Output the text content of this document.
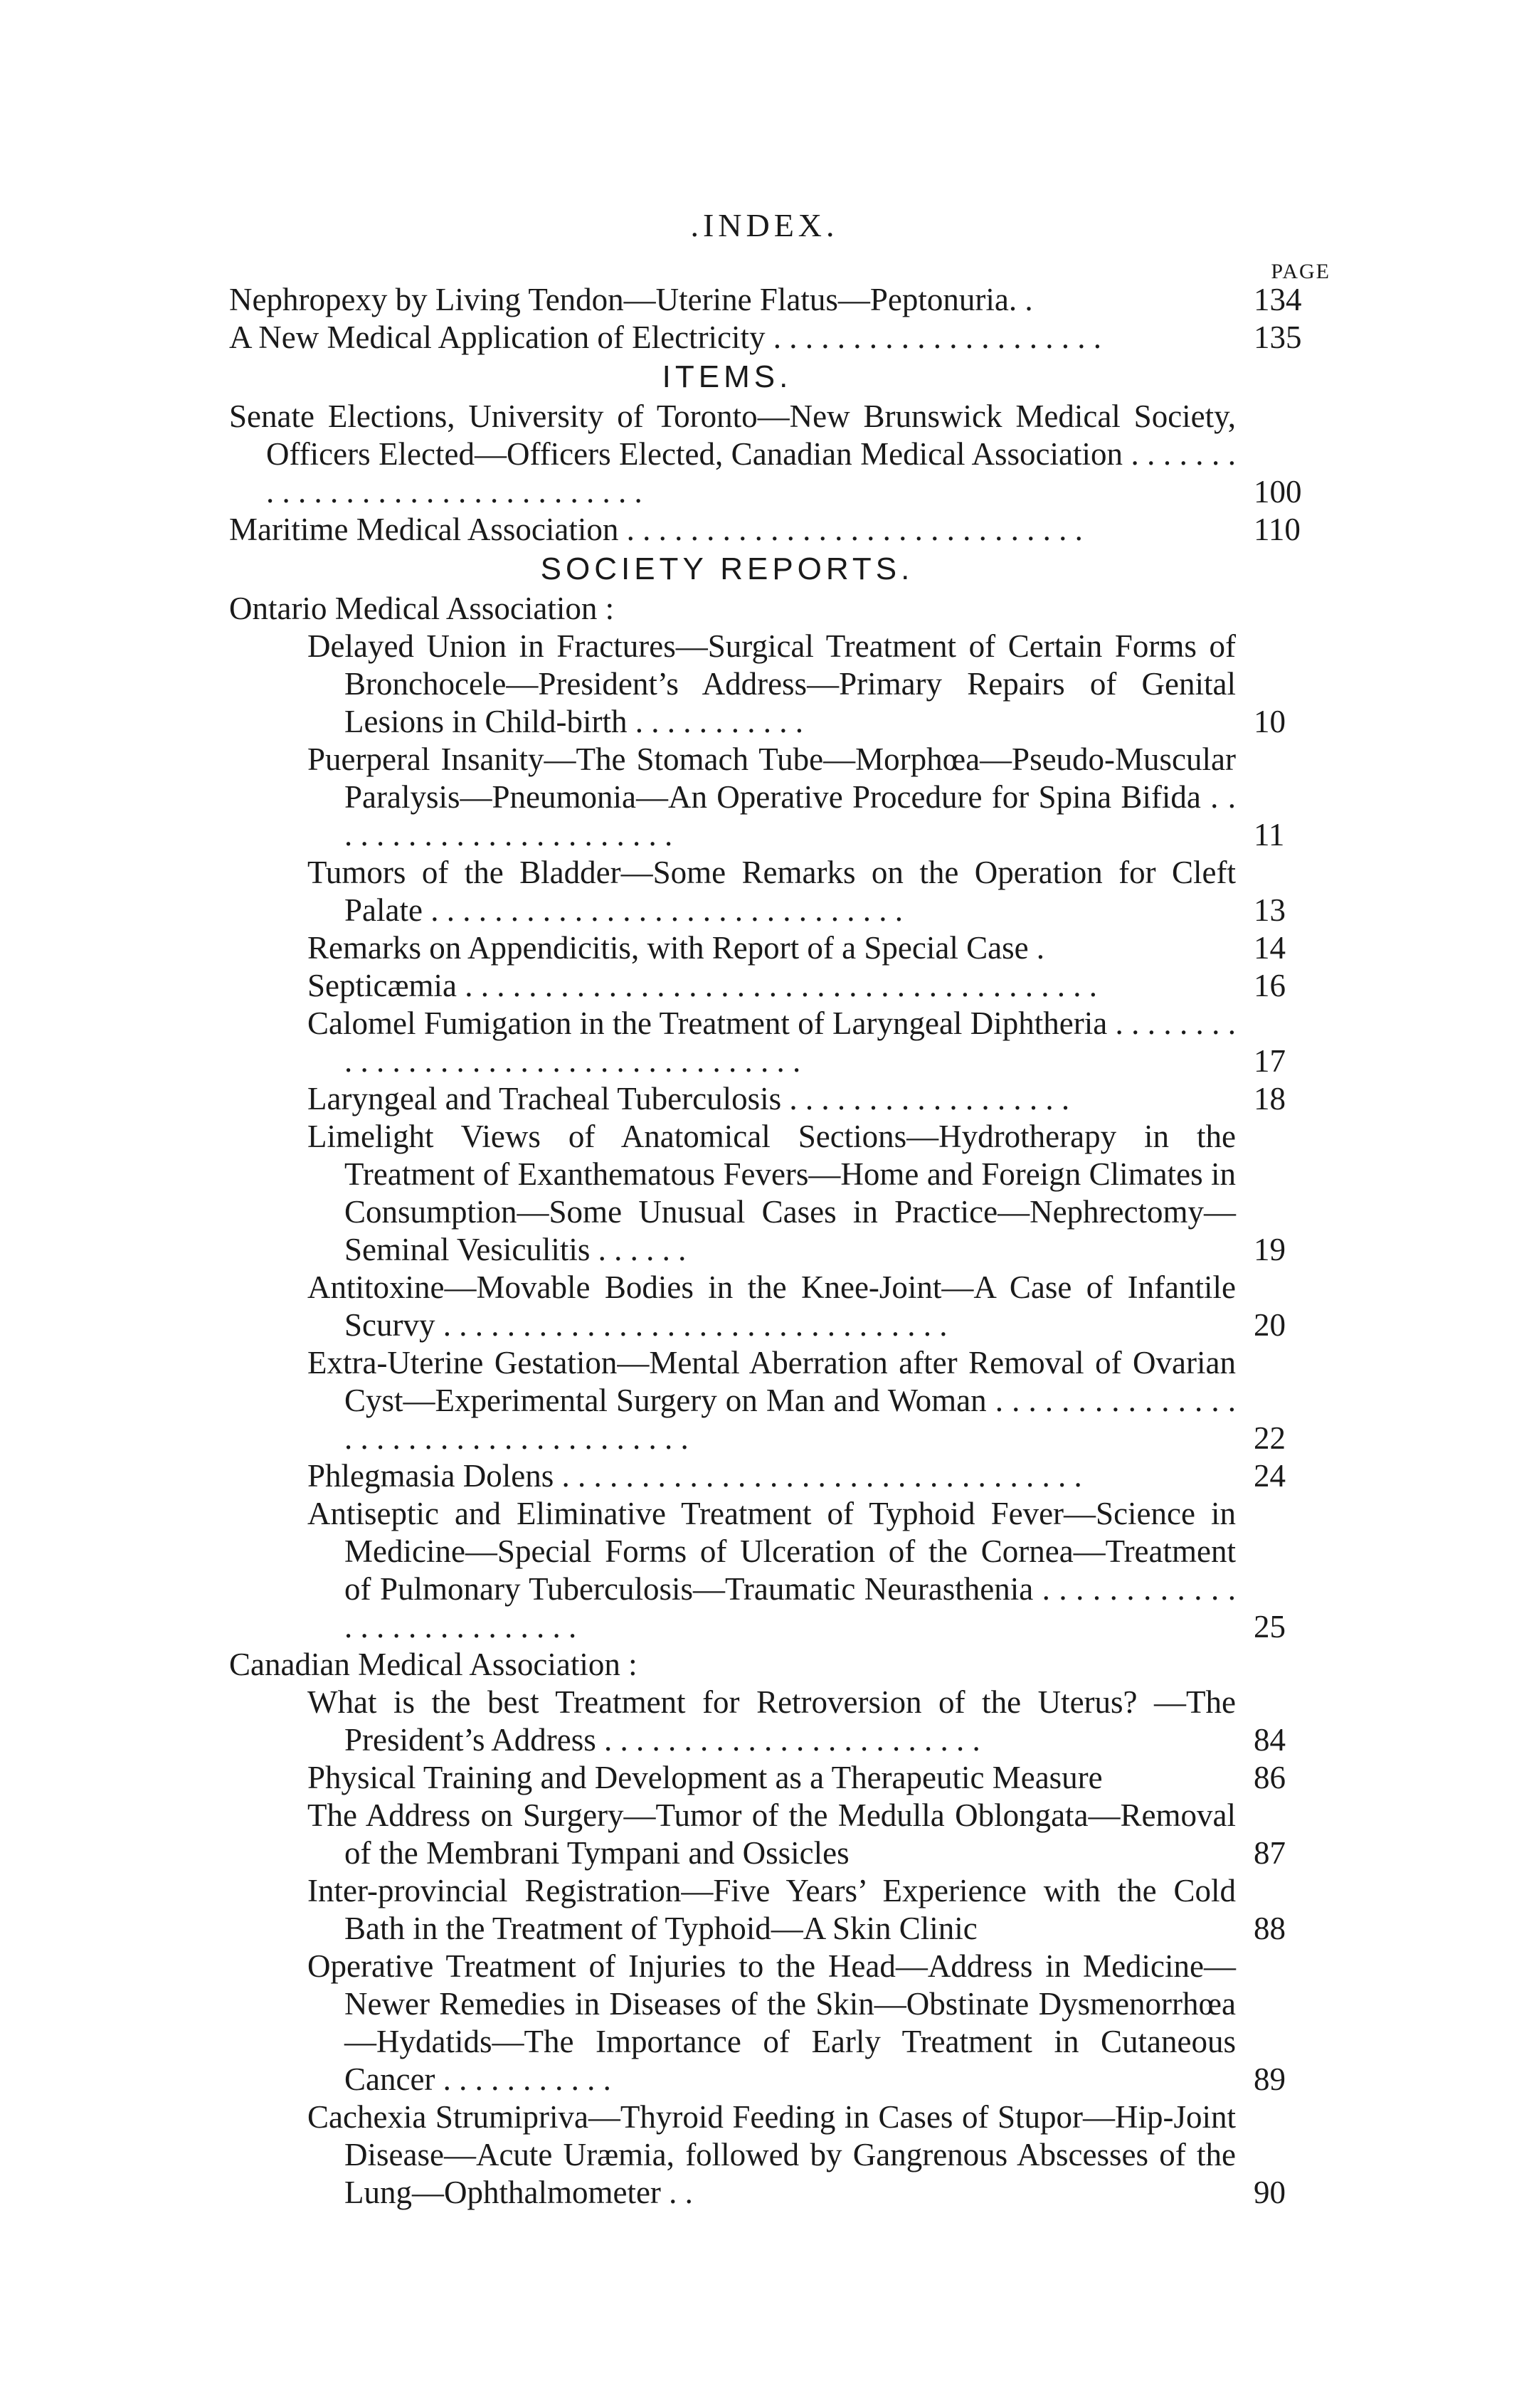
.INDEX.
PAGE
Nephropexy by Living Tendon—Uterine Flatus—Peptonuria. .	134
A New Medical Application of Electricity . . . . . . . . . . . . . . . . . . . . .	135
ITEMS.
Senate Elections, University of Toronto—New Brunswick Medical Society, Officers Elected—Officers Elected, Canadian Medical Association . . . . . . . . . . . . . . . . . . . . . . . . . . . . . . .	100
Maritime Medical Association . . . . . . . . . . . . . . . . . . . . . . . . . . . . .	110
SOCIETY REPORTS.
Ontario Medical Association :
Delayed Union in Fractures—Surgical Treatment of Certain Forms of Bronchocele—President’s Address—Primary Repairs of Genital Lesions in Child-birth . . . . . . . . . . .	10
Puerperal Insanity—The Stomach Tube—Morphœa—Pseudo-Muscular Paralysis—Pneumonia—An Operative Procedure for Spina Bifida . . . . . . . . . . . . . . . . . . . . . . .	11
Tumors of the Bladder—Some Remarks on the Operation for Cleft Palate . . . . . . . . . . . . . . . . . . . . . . . . . . . . . .	13
Remarks on Appendicitis, with Report of a Special Case .	14
Septicæmia . . . . . . . . . . . . . . . . . . . . . . . . . . . . . . . . . . . . . . . .	16
Calomel Fumigation in the Treatment of Laryngeal Diphtheria . . . . . . . . . . . . . . . . . . . . . . . . . . . . . . . . . . . . .	17
Laryngeal and Tracheal Tuberculosis . . . . . . . . . . . . . . . . . .	18
Limelight Views of Anatomical Sections—Hydrotherapy in the Treatment of Exanthematous Fevers—Home and Foreign Climates in Consumption—Some Unusual Cases in Practice—Nephrectomy—Seminal Vesiculitis . . . . . .	19
Antitoxine—Movable Bodies in the Knee-Joint—A Case of Infantile Scurvy . . . . . . . . . . . . . . . . . . . . . . . . . . . . . . . .	20
Extra-Uterine Gestation—Mental Aberration after Removal of Ovarian Cyst—Experimental Surgery on Man and Woman . . . . . . . . . . . . . . . . . . . . . . . . . . . . . . . . . . . . .	22
Phlegmasia Dolens . . . . . . . . . . . . . . . . . . . . . . . . . . . . . . . . .	24
Antiseptic and Eliminative Treatment of Typhoid Fever—Science in Medicine—Special Forms of Ulceration of the Cornea—Treatment of Pulmonary Tuberculosis—Traumatic Neurasthenia . . . . . . . . . . . . . . . . . . . . . . . . . . .	25
Canadian Medical Association :
What is the best Treatment for Retroversion of the Uterus? —The President’s Address . . . . . . . . . . . . . . . . . . . . . . . .	84
Physical Training and Development as a Therapeutic Measure	86
The Address on Surgery—Tumor of the Medulla Oblongata—Removal of the Membrani Tympani and Ossicles	87
Inter-provincial Registration—Five Years’ Experience with the Cold Bath in the Treatment of Typhoid—A Skin Clinic	88
Operative Treatment of Injuries to the Head—Address in Medicine—Newer Remedies in Diseases of the Skin—Obstinate Dysmenorrhœa—Hydatids—The Importance of Early Treatment in Cutaneous Cancer . . . . . . . . . . .	89
Cachexia Strumipriva—Thyroid Feeding in Cases of Stupor—Hip-Joint Disease—Acute Uræmia, followed by Gangrenous Abscesses of the Lung—Ophthalmometer . .	90
